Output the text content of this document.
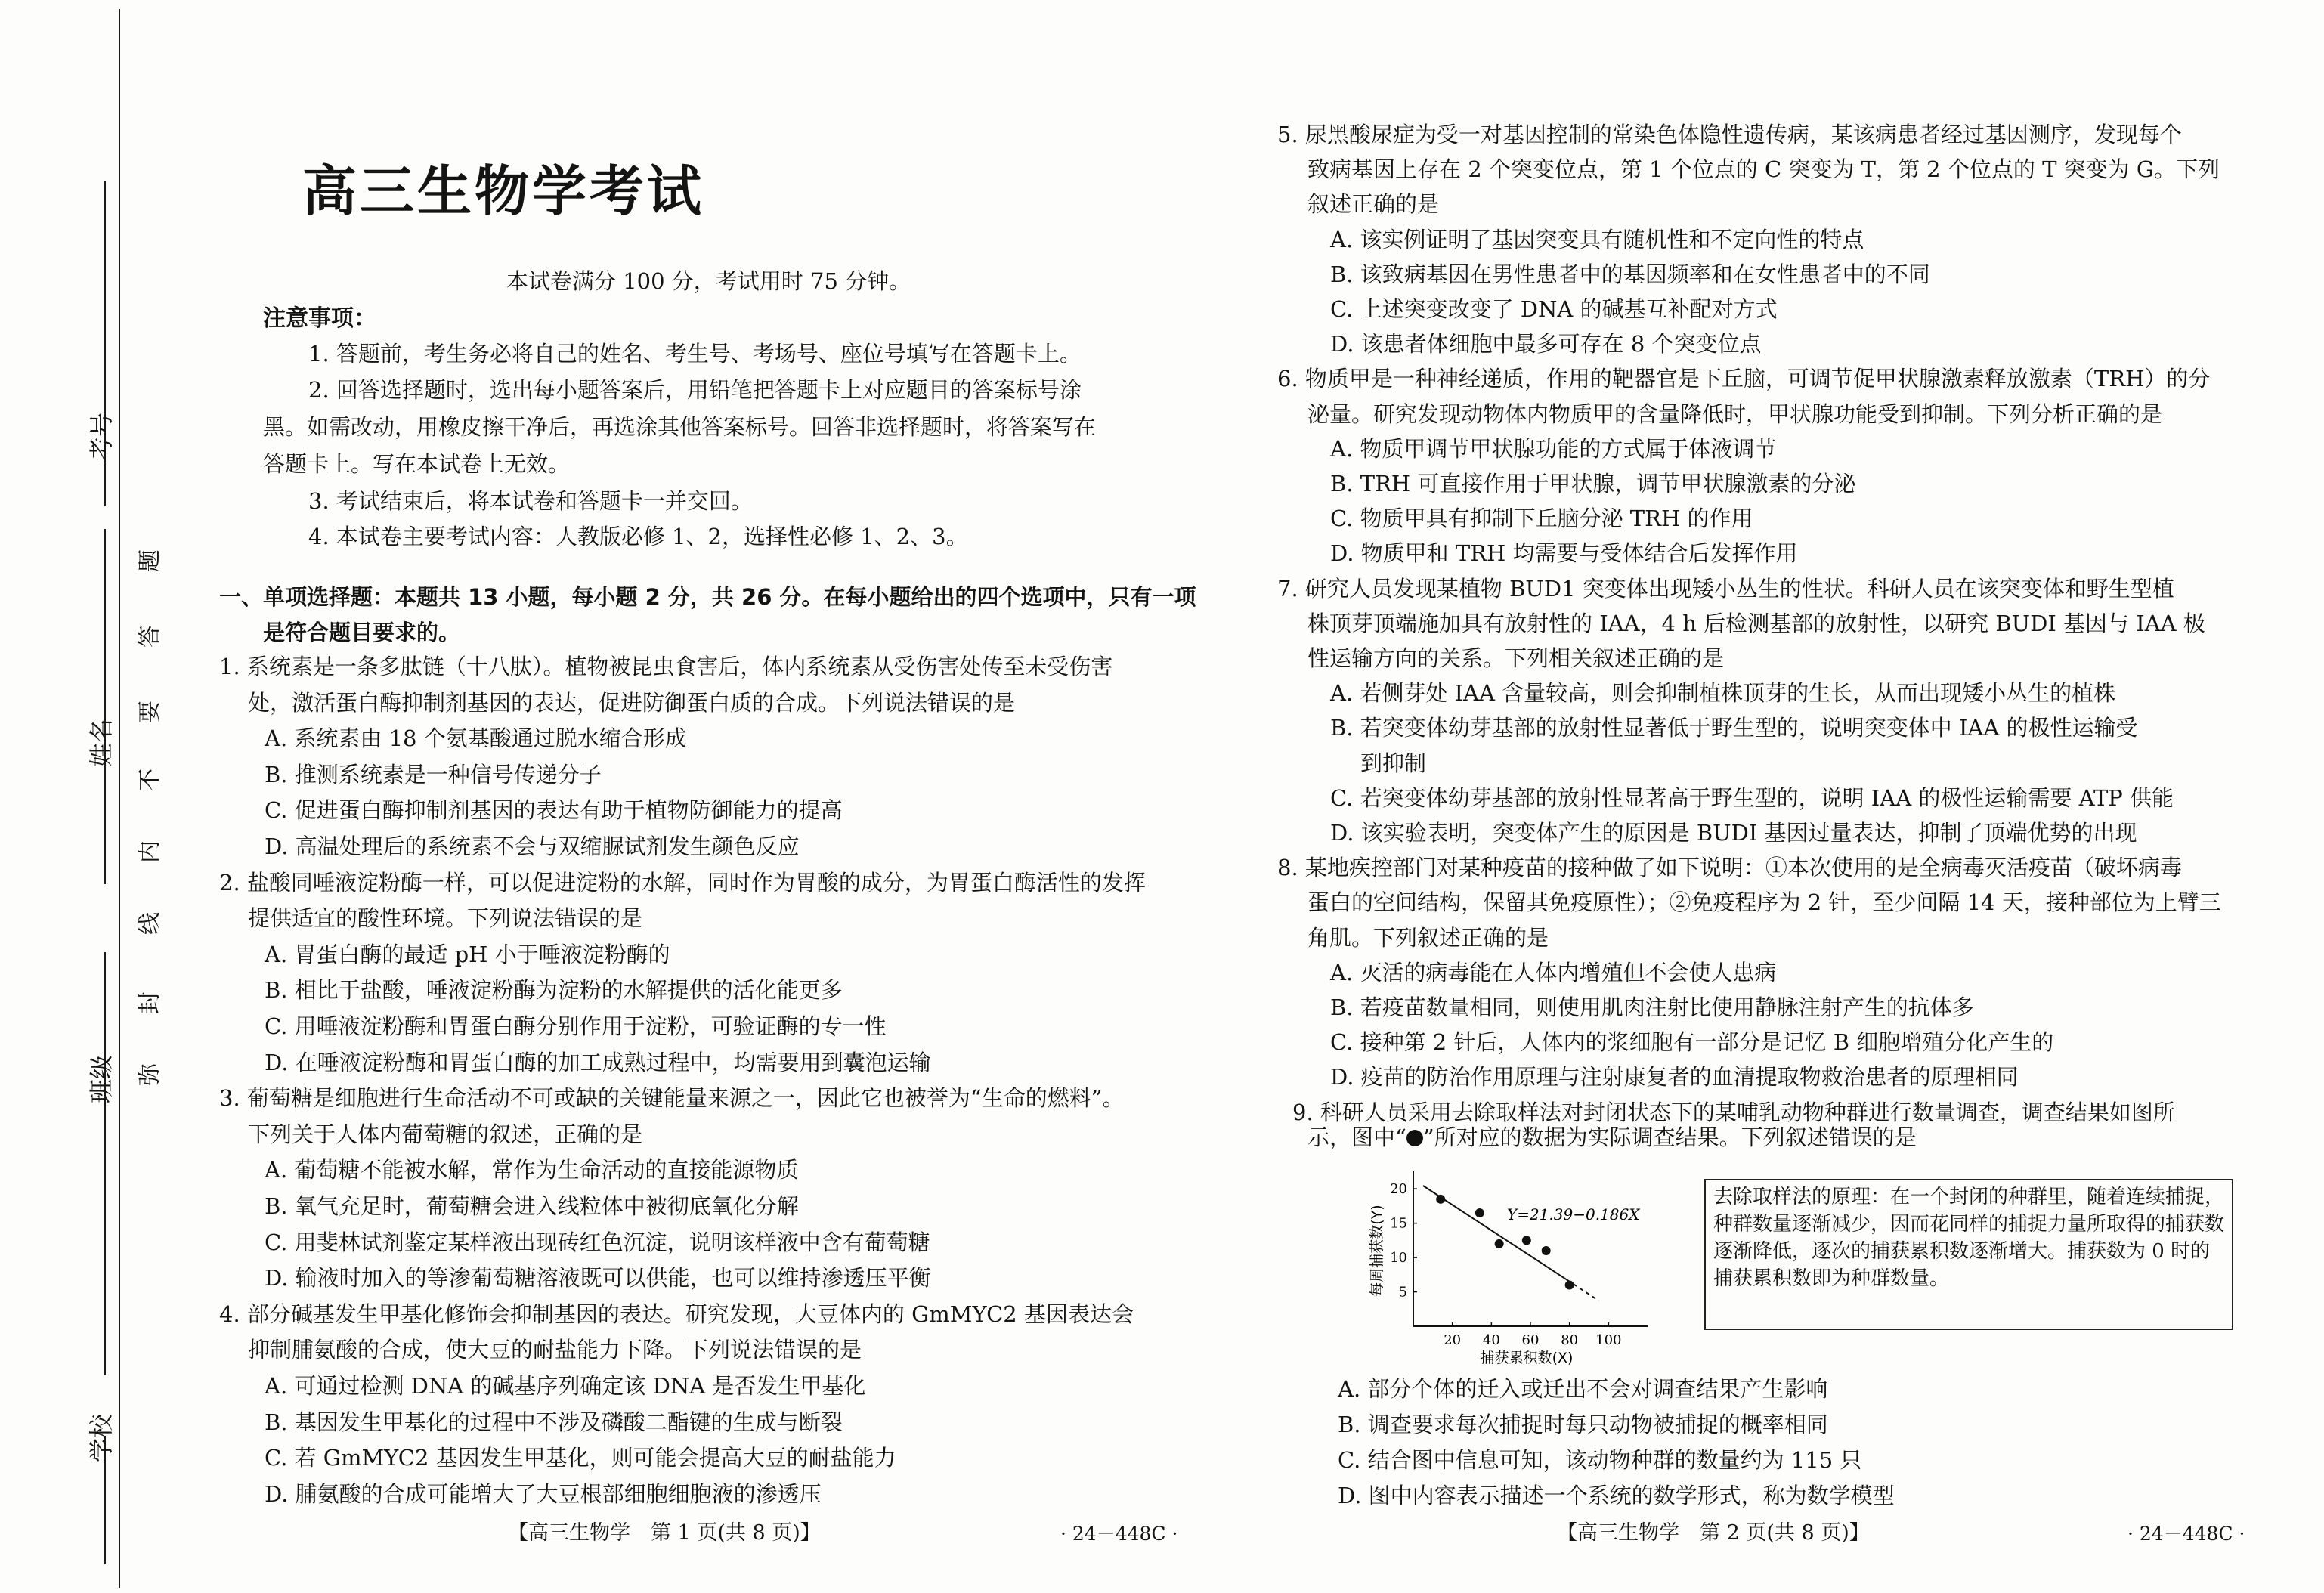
考号
姓名
班级
学校
题
答
要
不
内
线
封
弥
高三生物学考试
本试卷满分 100 分，考试用时 75 分钟。
注意事项：
1. 答题前，考生务必将自己的姓名、考生号、考场号、座位号填写在答题卡上。
2. 回答选择题时，选出每小题答案后，用铅笔把答题卡上对应题目的答案标号涂
黑。如需改动，用橡皮擦干净后，再选涂其他答案标号。回答非选择题时，将答案写在
答题卡上。写在本试卷上无效。
3. 考试结束后，将本试卷和答题卡一并交回。
4. 本试卷主要考试内容：人教版必修 1、2，选择性必修 1、2、3。
一、单项选择题：本题共 13 小题，每小题 2 分，共 26 分。在每小题给出的四个选项中，只有一项
是符合题目要求的。
1. 系统素是一条多肽链（十八肽）。植物被昆虫食害后，体内系统素从受伤害处传至未受伤害
处，激活蛋白酶抑制剂基因的表达，促进防御蛋白质的合成。下列说法错误的是
A. 系统素由 18 个氨基酸通过脱水缩合形成
B. 推测系统素是一种信号传递分子
C. 促进蛋白酶抑制剂基因的表达有助于植物防御能力的提高
D. 高温处理后的系统素不会与双缩脲试剂发生颜色反应
2. 盐酸同唾液淀粉酶一样，可以促进淀粉的水解，同时作为胃酸的成分，为胃蛋白酶活性的发挥
提供适宜的酸性环境。下列说法错误的是
A. 胃蛋白酶的最适 pH 小于唾液淀粉酶的
B. 相比于盐酸，唾液淀粉酶为淀粉的水解提供的活化能更多
C. 用唾液淀粉酶和胃蛋白酶分别作用于淀粉，可验证酶的专一性
D. 在唾液淀粉酶和胃蛋白酶的加工成熟过程中，均需要用到囊泡运输
3. 葡萄糖是细胞进行生命活动不可或缺的关键能量来源之一，因此它也被誉为“生命的燃料”。
下列关于人体内葡萄糖的叙述，正确的是
A. 葡萄糖不能被水解，常作为生命活动的直接能源物质
B. 氧气充足时，葡萄糖会进入线粒体中被彻底氧化分解
C. 用斐林试剂鉴定某样液出现砖红色沉淀，说明该样液中含有葡萄糖
D. 输液时加入的等渗葡萄糖溶液既可以供能，也可以维持渗透压平衡
4. 部分碱基发生甲基化修饰会抑制基因的表达。研究发现，大豆体内的 GmMYC2 基因表达会
抑制脯氨酸的合成，使大豆的耐盐能力下降。下列说法错误的是
A. 可通过检测 DNA 的碱基序列确定该 DNA 是否发生甲基化
B. 基因发生甲基化的过程中不涉及磷酸二酯键的生成与断裂
C. 若 GmMYC2 基因发生甲基化，则可能会提高大豆的耐盐能力
D. 脯氨酸的合成可能增大了大豆根部细胞细胞液的渗透压
【高三生物学　第 1 页(共 8 页)】	· 24－448C ·
5. 尿黑酸尿症为受一对基因控制的常染色体隐性遗传病，某该病患者经过基因测序，发现每个
致病基因上存在 2 个突变位点，第 1 个位点的 C 突变为 T，第 2 个位点的 T 突变为 G。下列
叙述正确的是
A. 该实例证明了基因突变具有随机性和不定向性的特点
B. 该致病基因在男性患者中的基因频率和在女性患者中的不同
C. 上述突变改变了 DNA 的碱基互补配对方式
D. 该患者体细胞中最多可存在 8 个突变位点
6. 物质甲是一种神经递质，作用的靶器官是下丘脑，可调节促甲状腺激素释放激素（TRH）的分
泌量。研究发现动物体内物质甲的含量降低时，甲状腺功能受到抑制。下列分析正确的是
A. 物质甲调节甲状腺功能的方式属于体液调节
B. TRH 可直接作用于甲状腺，调节甲状腺激素的分泌
C. 物质甲具有抑制下丘脑分泌 TRH 的作用
D. 物质甲和 TRH 均需要与受体结合后发挥作用
7. 研究人员发现某植物 BUD1 突变体出现矮小丛生的性状。科研人员在该突变体和野生型植
株顶芽顶端施加具有放射性的 IAA，4 h 后检测基部的放射性，以研究 BUDI 基因与 IAA 极
性运输方向的关系。下列相关叙述正确的是
A. 若侧芽处 IAA 含量较高，则会抑制植株顶芽的生长，从而出现矮小丛生的植株
B. 若突变体幼芽基部的放射性显著低于野生型的，说明突变体中 IAA 的极性运输受
到抑制
C. 若突变体幼芽基部的放射性显著高于野生型的，说明 IAA 的极性运输需要 ATP 供能
D. 该实验表明，突变体产生的原因是 BUDI 基因过量表达，抑制了顶端优势的出现
8. 某地疾控部门对某种疫苗的接种做了如下说明：①本次使用的是全病毒灭活疫苗（破坏病毒
蛋白的空间结构，保留其免疫原性）；②免疫程序为 2 针，至少间隔 14 天，接种部位为上臂三
角肌。下列叙述正确的是
A. 灭活的病毒能在人体内增殖但不会使人患病
B. 若疫苗数量相同，则使用肌肉注射比使用静脉注射产生的抗体多
C. 接种第 2 针后，人体内的浆细胞有一部分是记忆 B 细胞增殖分化产生的
D. 疫苗的防治作用原理与注射康复者的血清提取物救治患者的原理相同
9. 科研人员采用去除取样法对封闭状态下的某哺乳动物种群进行数量调查，调查结果如图所
示，图中“ ”所对应的数据为实际调查结果。下列叙述错误的是
20 40 60 80 100
5
10
15
20
捕获累积数(X)
每周捕获数(Y)	Y=21.39−0.186X
去除取样法的原理：在一个封闭的种群里，随着连续捕捉，种群数量逐渐减少，因而花同样的捕捉力量所取得的捕获数逐渐降低，逐次的捕获累积数逐渐增大。捕获数为 0 时的捕获累积数即为种群数量。
A. 部分个体的迁入或迁出不会对调查结果产生影响
B. 调查要求每次捕捉时每只动物被捕捉的概率相同
C. 结合图中信息可知，该动物种群的数量约为 115 只
D. 图中内容表示描述一个系统的数学形式，称为数学模型
【高三生物学　第 2 页(共 8 页)】	· 24－448C ·
